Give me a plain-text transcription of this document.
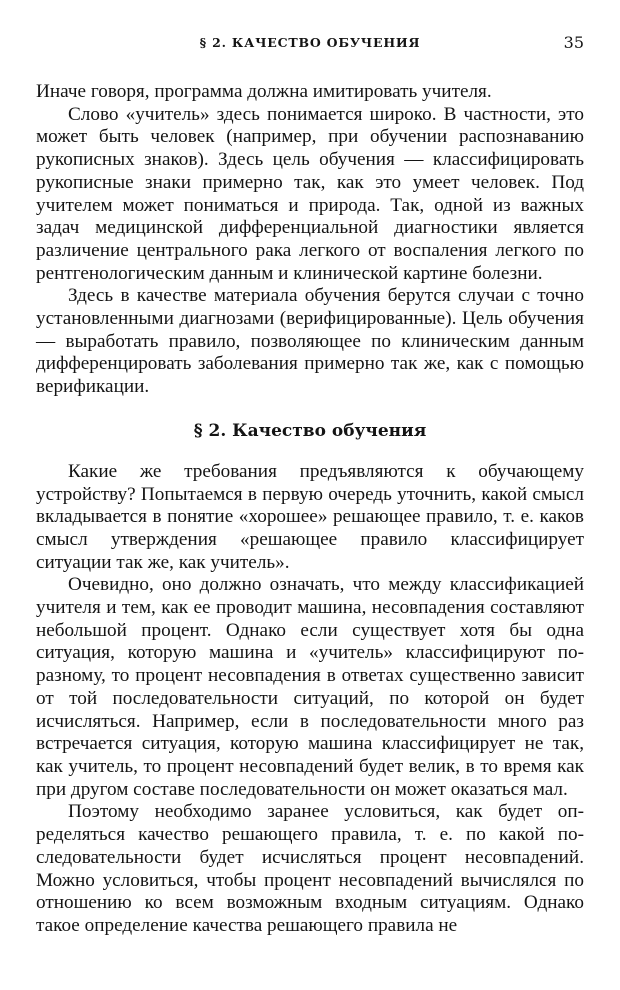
§ 2. КАЧЕСТВО ОБУЧЕНИЯ	35

Иначе говоря, программа должна имитировать учителя.

Слово «учитель» здесь понимается широко. В частности, это может быть человек (например, при обучении распознаванию рукописных знаков). Здесь цель обучения — классифицировать рукописные знаки примерно так, как это умеет человек. Под учителем может пониматься и природа. Так, одной из важных задач медицинской дифференциальной диагностики является различение центрального рака легкого от воспаления легкого по рентгенологическим данным и клинической картине болезни.

Здесь в качестве материала обучения берутся случаи с точно установленными диагнозами (верифицированные). Цель обучения — выработать правило, позволяющее по клиническим данным дифференцировать заболевания примерно так же, как с помощью верификации.

§ 2. Качество обучения

Какие же требования предъявляются к обучающему устройству? Попытаемся в первую очередь уточнить, какой смысл вкладывается в понятие «хорошее» решающее правило, т. е. каков смысл утверждения «решающее правило классифицирует ситуации так же, как учитель».

Очевидно, оно должно означать, что между классификацией учителя и тем, как ее проводит машина, несовпадения составляют небольшой процент. Однако если существует хотя бы одна ситуация, которую машина и «учитель» классифицируют по-разному, то процент несовпадения в ответах существенно зависит от той последовательности ситуаций, по которой он будет исчисляться. Например, если в последовательности много раз встречается ситуация, которую машина классифицирует не так, как учитель, то процент несовпадений будет велик, в то время как при другом составе последовательности он может оказаться мал.

Поэтому необходимо заранее условиться, как будет определяться качество решающего правила, т. е. по какой последовательности будет исчисляться процент несовпадений. Можно условиться, чтобы процент несовпадений вычислялся по отношению ко всем возможным входным ситуациям. Однако такое определение качества решающего правила не
